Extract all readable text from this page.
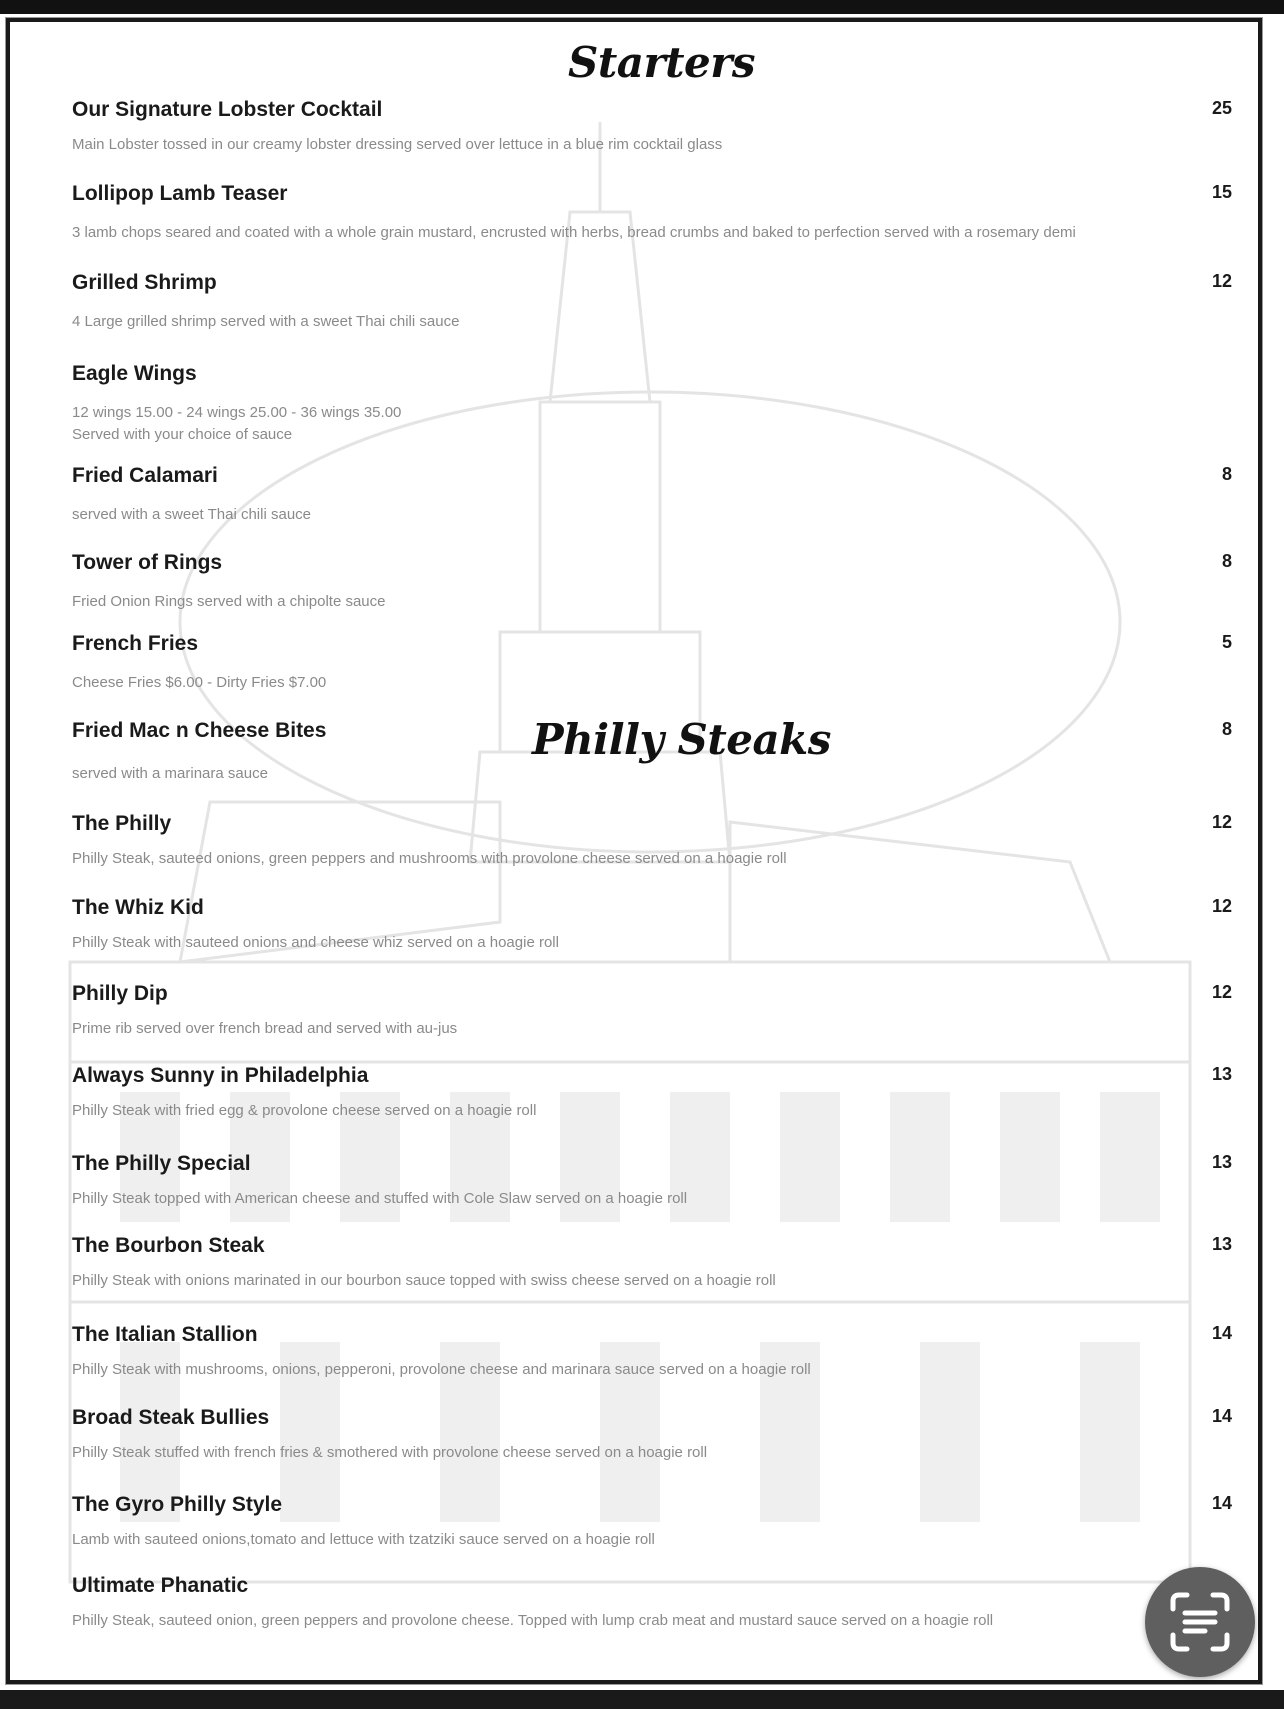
Starters
Our Signature Lobster Cocktail	25
Main Lobster tossed in our creamy lobster dressing served over lettuce in a blue rim cocktail glass
Lollipop Lamb Teaser	15
3 lamb chops seared and coated with a whole grain mustard, encrusted with herbs, bread crumbs and baked to perfection served with a rosemary demi
Grilled Shrimp	12
4 Large grilled shrimp served with a sweet Thai chili sauce
Eagle Wings
12 wings 15.00 - 24 wings 25.00 - 36 wings 35.00
Served with your choice of sauce
Fried Calamari	8
served with a sweet Thai chili sauce
Tower of Rings	8
Fried Onion Rings served with a chipolte sauce
French Fries	5
Cheese Fries $6.00 - Dirty Fries $7.00
Fried Mac n Cheese Bites	8
served with a marinara sauce
Philly Steaks
The Philly	12
Philly Steak, sauteed onions, green peppers and mushrooms with provolone cheese served on a hoagie roll
The Whiz Kid	12
Philly Steak with sauteed onions and cheese whiz served on a hoagie roll
Philly Dip	12
Prime rib served over french bread and served with au-jus
Always Sunny in Philadelphia	13
Philly Steak with fried egg & provolone cheese served on a hoagie roll
The Philly Special	13
Philly Steak topped with American cheese and stuffed with Cole Slaw served on a hoagie roll
The Bourbon Steak	13
Philly Steak with onions marinated in our bourbon sauce topped with swiss cheese served on a hoagie roll
The Italian Stallion	14
Philly Steak with mushrooms, onions, pepperoni, provolone cheese and marinara sauce served on a hoagie roll
Broad Steak Bullies	14
Philly Steak stuffed with french fries & smothered with provolone cheese served on a hoagie roll
The Gyro Philly Style	14
Lamb with sauteed onions,tomato and lettuce with tzatziki sauce served on a hoagie roll
Ultimate Phanatic
Philly Steak, sauteed onion, green peppers and provolone cheese. Topped with lump crab meat and mustard sauce served on a hoagie roll
